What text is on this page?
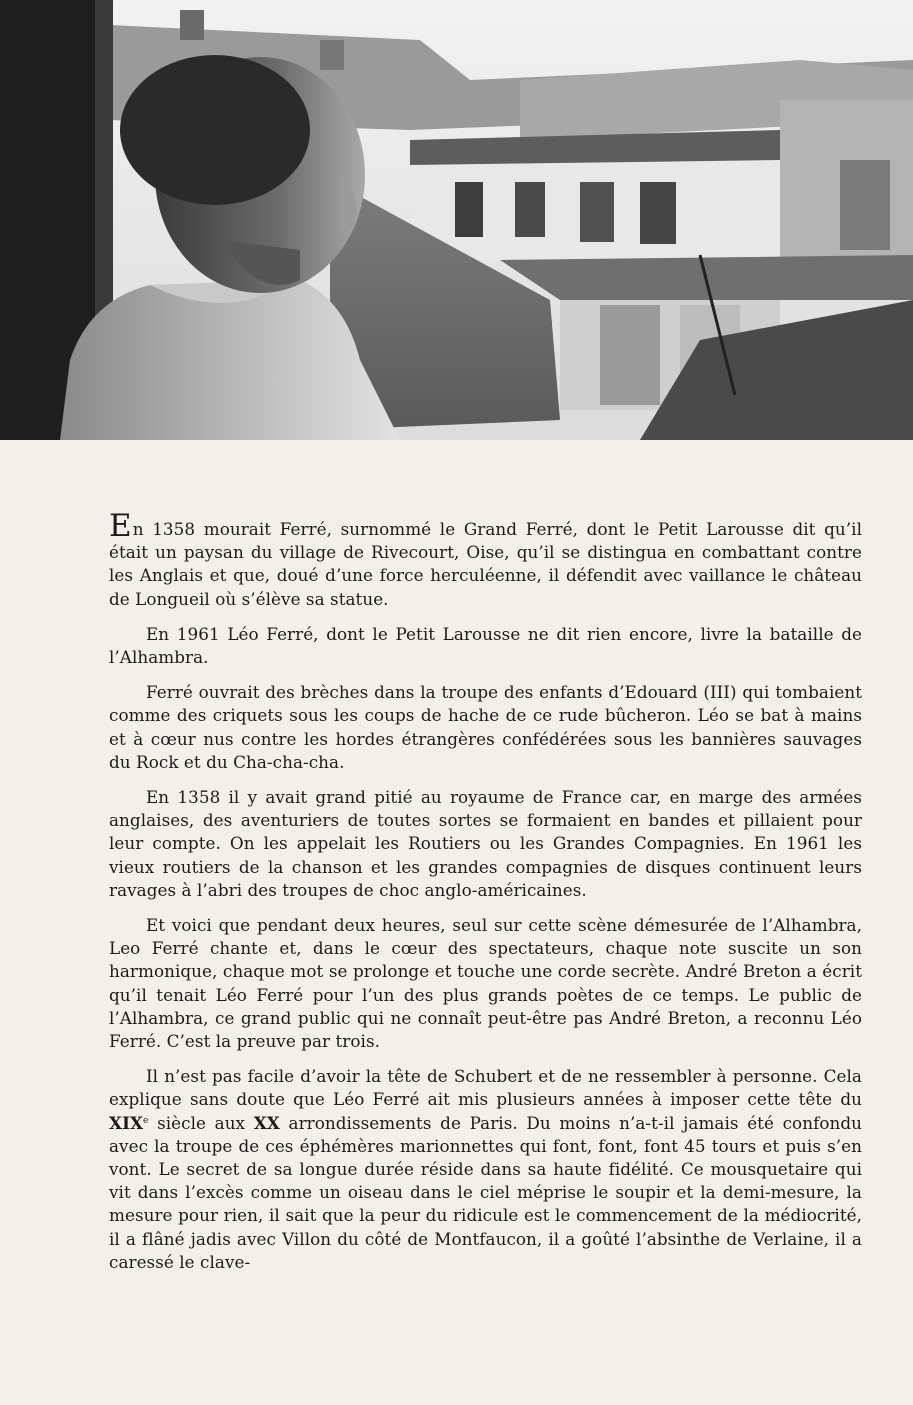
En 1358 mourait Ferré, surnommé le Grand Ferré, dont le Petit Larousse dit qu’il était un paysan du village de Rivecourt, Oise, qu’il se distingua en combattant contre les Anglais et que, doué d’une force herculéenne, il défendit avec vaillance le château de Longueil où s’élève sa statue.

En 1961 Léo Ferré, dont le Petit Larousse ne dit rien encore, livre la bataille de l’Alhambra.

Ferré ouvrait des brèches dans la troupe des enfants d’Edouard (III) qui tombaient comme des criquets sous les coups de hache de ce rude bûcheron. Léo se bat à mains et à cœur nus contre les hordes étrangères confédérées sous les bannières sauvages du Rock et du Cha-cha-cha.

En 1358 il y avait grand pitié au royaume de France car, en marge des armées anglaises, des aventuriers de toutes sortes se formaient en bandes et pillaient pour leur compte. On les appelait les Routiers ou les Grandes Compagnies. En 1961 les vieux routiers de la chanson et les grandes compagnies de disques continuent leurs ravages à l’abri des troupes de choc anglo-américaines.

Et voici que pendant deux heures, seul sur cette scène démesurée de l’Alhambra, Leo Ferré chante et, dans le cœur des spectateurs, chaque note suscite un son harmonique, chaque mot se prolonge et touche une corde secrète. André Breton a écrit qu’il tenait Léo Ferré pour l’un des plus grands poètes de ce temps. Le public de l’Alhambra, ce grand public qui ne connaît peut-être pas André Breton, a reconnu Léo Ferré. C’est la preuve par trois.

Il n’est pas facile d’avoir la tête de Schubert et de ne ressembler à personne. Cela explique sans doute que Léo Ferré ait mis plusieurs années à imposer cette tête du XIXe siècle aux XX arrondissements de Paris. Du moins n’a-t-il jamais été confondu avec la troupe de ces éphémères marionnettes qui font, font, font 45 tours et puis s’en vont. Le secret de sa longue durée réside dans sa haute fidélité. Ce mousquetaire qui vit dans l’excès comme un oiseau dans le ciel méprise le soupir et la demi-mesure, la mesure pour rien, il sait que la peur du ridicule est le commencement de la médiocrité, il a flâné jadis avec Villon du côté de Montfaucon, il a goûté l’absinthe de Verlaine, il a caressé le clave-
